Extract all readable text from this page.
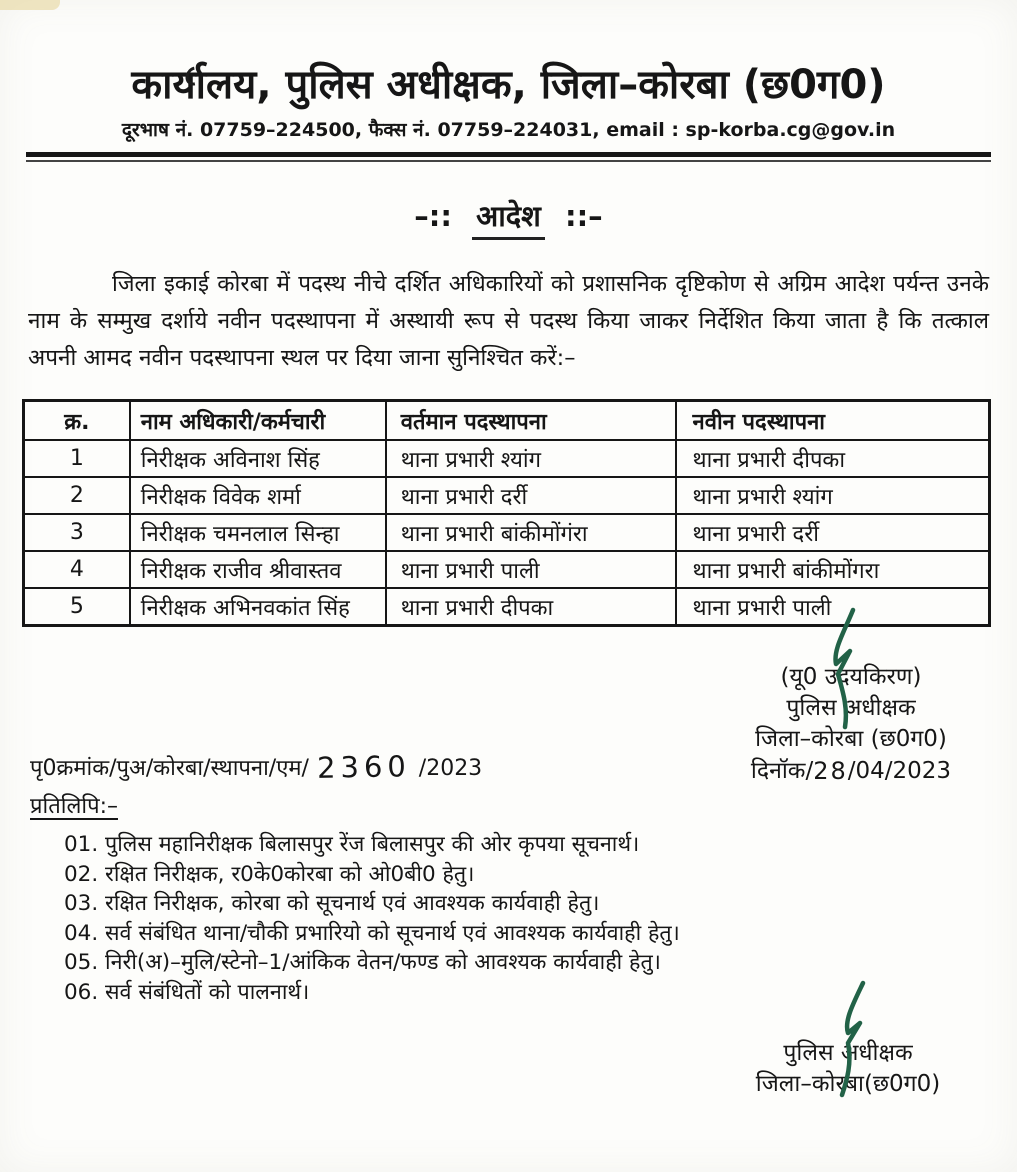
कार्यालय, पुलिस अधीक्षक, जिला–कोरबा (छ0ग0)
दूरभाष नं. 07759–224500, फैक्स नं. 07759–224031, email : sp-korba.cg@gov.in
–:: आदेश ::–

जिला इकाई कोरबा में पदस्थ नीचे दर्शित अधिकारियों को प्रशासनिक दृष्टिकोण से अग्रिम आदेश पर्यन्त उनके नाम के सम्मुख दर्शाये नवीन पदस्थापना में अस्थायी रूप से पदस्थ किया जाकर निर्देशित किया जाता है कि तत्काल अपनी आमद नवीन पदस्थापना स्थल पर दिया जाना सुनिश्चित करें:–

क्र.	नाम अधिकारी/कर्मचारी	वर्तमान पदस्थापना	नवीन पदस्थापना
1	निरीक्षक अविनाश सिंह	थाना प्रभारी श्यांग	थाना प्रभारी दीपका
2	निरीक्षक विवेक शर्मा	थाना प्रभारी दर्री	थाना प्रभारी श्यांग
3	निरीक्षक चमनलाल सिन्हा	थाना प्रभारी बांकीमोंगंरा	थाना प्रभारी दर्री
4	निरीक्षक राजीव श्रीवास्तव	थाना प्रभारी पाली	थाना प्रभारी बांकीमोंगरा
5	निरीक्षक अभिनवकांत सिंह	थाना प्रभारी दीपका	थाना प्रभारी पाली
(यू0 उदयकिरण)
पुलिस अधीक्षक
जिला–कोरबा (छ0ग0)
दिनॉक/28/04/2023
पृ0क्रमांक/पुअ/कोरबा/स्थापना/एम/ 2360 /2023
प्रतिलिपि:–
01. पुलिस महानिरीक्षक बिलासपुर रेंज बिलासपुर की ओर कृपया सूचनार्थ।
02. रक्षित निरीक्षक, र0के0कोरबा को ओ0बी0 हेतु।
03. रक्षित निरीक्षक, कोरबा को सूचनार्थ एवं आवश्यक कार्यवाही हेतु।
04. सर्व संबंधित थाना/चौकी प्रभारियो को सूचनार्थ एवं आवश्यक कार्यवाही हेतु।
05. निरी(अ)–मुलि/स्टेनो–1/आंकिक वेतन/फण्ड को आवश्यक कार्यवाही हेतु।
06. सर्व संबंधितों को पालनार्थ।
पुलिस अधीक्षक
जिला–कोरबा(छ0ग0)
